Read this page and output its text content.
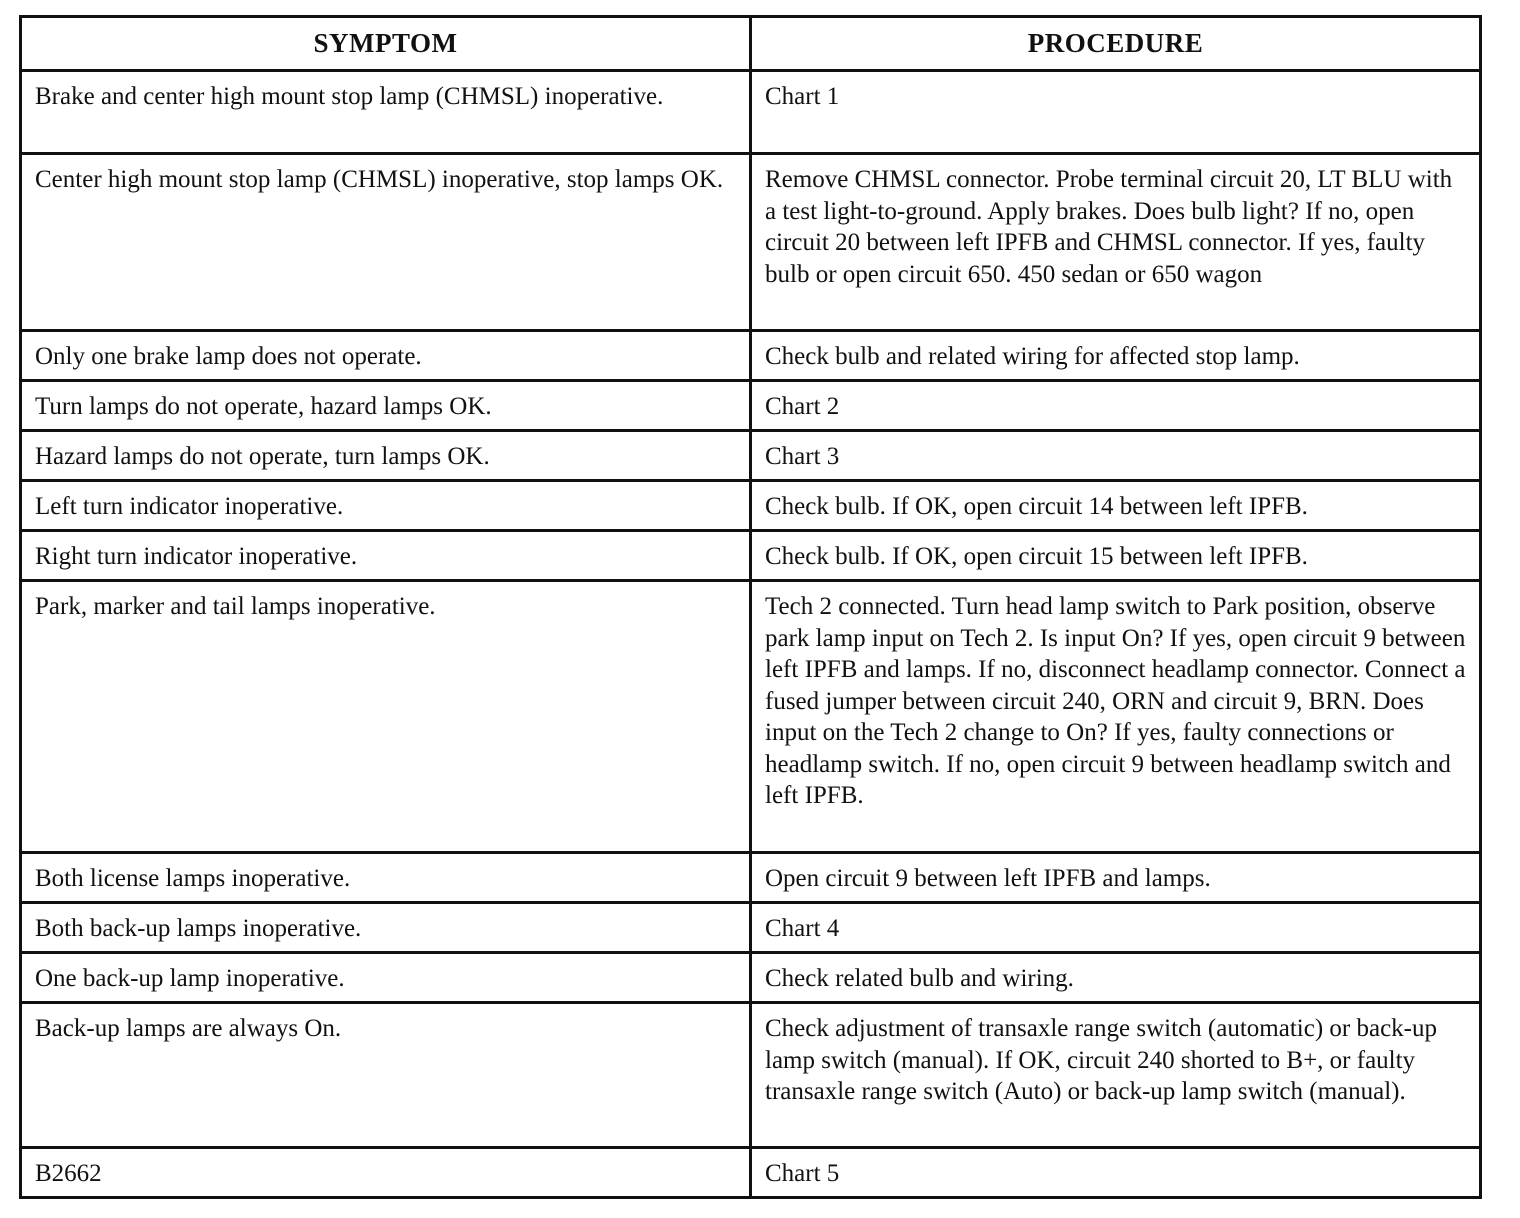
SYMPTOM	PROCEDURE
Brake and center high mount stop lamp (CHMSL) inoperative.	Chart 1
Center high mount stop lamp (CHMSL) inoperative, stop lamps OK.	Remove CHMSL connector. Probe terminal circuit 20, LT BLU with a test light-to-ground. Apply brakes. Does bulb light? If no, open circuit 20 between left IPFB and CHMSL connector. If yes, faulty bulb or open circuit 650. 450 sedan or 650 wagon
Only one brake lamp does not operate.	Check bulb and related wiring for affected stop lamp.
Turn lamps do not operate, hazard lamps OK.	Chart 2
Hazard lamps do not operate, turn lamps OK.	Chart 3
Left turn indicator inoperative.	Check bulb. If OK, open circuit 14 between left IPFB.
Right turn indicator inoperative.	Check bulb. If OK, open circuit 15 between left IPFB.
Park, marker and tail lamps inoperative.	Tech 2 connected. Turn head lamp switch to Park position, observe park lamp input on Tech 2. Is input On? If yes, open circuit 9 between left IPFB and lamps. If no, disconnect headlamp connector. Connect a fused jumper between circuit 240, ORN and circuit 9, BRN. Does input on the Tech 2 change to On? If yes, faulty connections or headlamp switch. If no, open circuit 9 between headlamp switch and left IPFB.
Both license lamps inoperative.	Open circuit 9 between left IPFB and lamps.
Both back-up lamps inoperative.	Chart 4
One back-up lamp inoperative.	Check related bulb and wiring.
Back-up lamps are always On.	Check adjustment of transaxle range switch (automatic) or back-up lamp switch (manual). If OK, circuit 240 shorted to B+, or faulty transaxle range switch (Auto) or back-up lamp switch (manual).
B2662	Chart 5
